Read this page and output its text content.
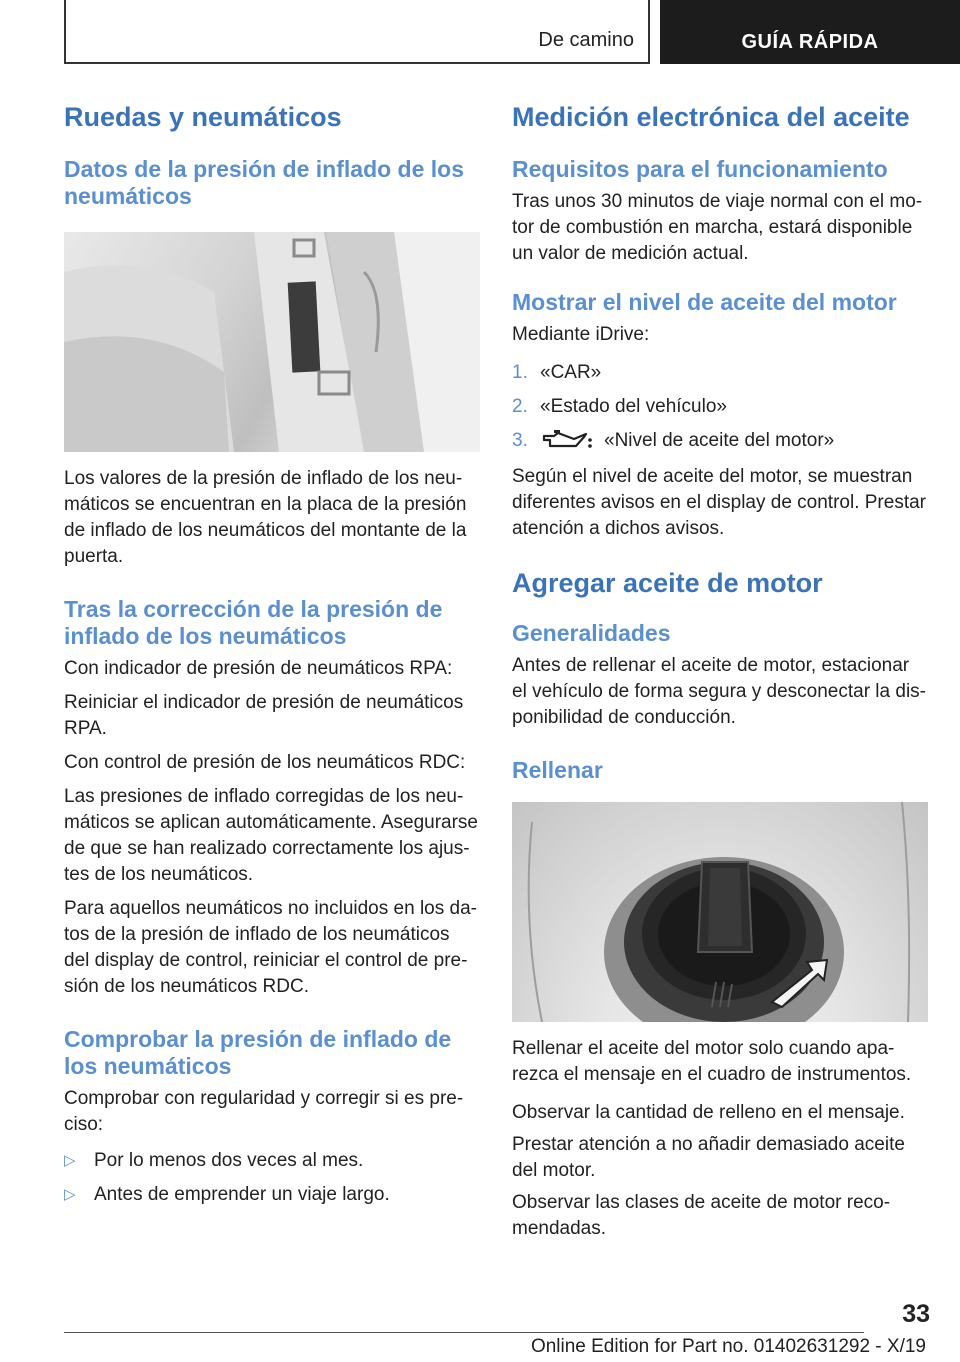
De camino	GUÍA RÁPIDA
Ruedas y neumáticos
Datos de la presión de inflado de los neumáticos
Los valores de la presión de inflado de los neumáticos se encuentran en la placa de la presión de inflado de los neumáticos del montante de la puerta.
Tras la corrección de la presión de inflado de los neumáticos
Con indicador de presión de neumáticos RPA:
Reiniciar el indicador de presión de neumáticos RPA.
Con control de presión de los neumáticos RDC:
Las presiones de inflado corregidas de los neumáticos se aplican automáticamente. Asegurarse de que se han realizado correctamente los ajustes de los neumáticos.
Para aquellos neumáticos no incluidos en los datos de la presión de inflado de los neumáticos del display de control, reiniciar el control de presión de los neumáticos RDC.
Comprobar la presión de inflado de los neumáticos
Comprobar con regularidad y corregir si es preciso:
▷ Por lo menos dos veces al mes.
▷ Antes de emprender un viaje largo.
Medición electrónica del aceite
Requisitos para el funcionamiento
Tras unos 30 minutos de viaje normal con el motor de combustión en marcha, estará disponible un valor de medición actual.
Mostrar el nivel de aceite del motor
Mediante iDrive:
1. «CAR»
2. «Estado del vehículo»
3.	«Nivel de aceite del motor»
Según el nivel de aceite del motor, se muestran diferentes avisos en el display de control. Prestar atención a dichos avisos.
Agregar aceite de motor
Generalidades
Antes de rellenar el aceite de motor, estacionar el vehículo de forma segura y desconectar la disponibilidad de conducción.
Rellenar
Rellenar el aceite del motor solo cuando aparezca el mensaje en el cuadro de instrumentos.
Observar la cantidad de relleno en el mensaje.
Prestar atención a no añadir demasiado aceite del motor.
Observar las clases de aceite de motor recomendadas.
33
Online Edition for Part no. 01402631292 - X/19
